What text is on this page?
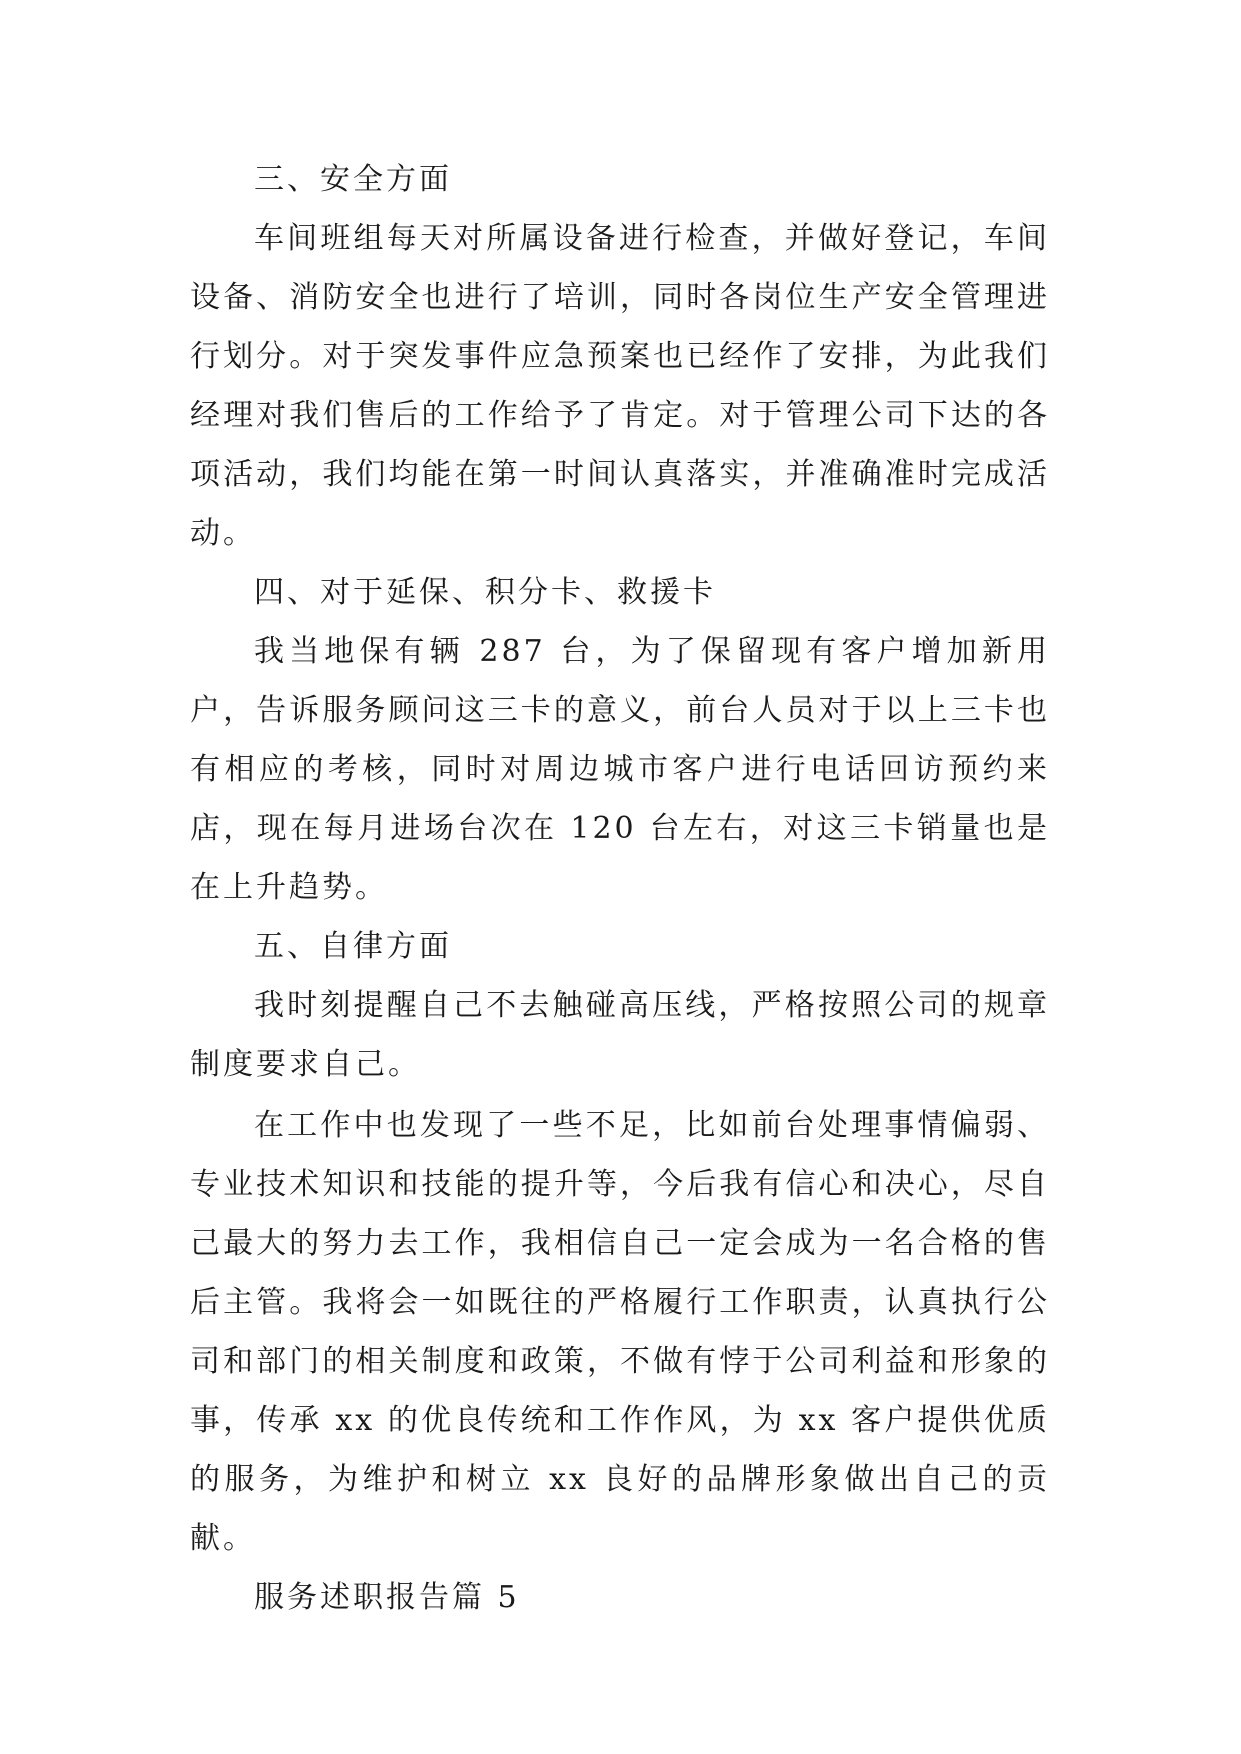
三、安全方面

车间班组每天对所属设备进行检查，并做好登记，车间设备、消防安全也进行了培训，同时各岗位生产安全管理进行划分。对于突发事件应急预案也已经作了安排，为此我们经理对我们售后的工作给予了肯定。对于管理公司下达的各项活动，我们均能在第一时间认真落实，并准确准时完成活动。

四、对于延保、积分卡、救援卡

我当地保有辆 287 台，为了保留现有客户增加新用户，告诉服务顾问这三卡的意义，前台人员对于以上三卡也有相应的考核，同时对周边城市客户进行电话回访预约来店，现在每月进场台次在 120 台左右，对这三卡销量也是在上升趋势。

五、自律方面

我时刻提醒自己不去触碰高压线，严格按照公司的规章制度要求自己。

在工作中也发现了一些不足，比如前台处理事情偏弱、专业技术知识和技能的提升等，今后我有信心和决心，尽自己最大的努力去工作，我相信自己一定会成为一名合格的售后主管。我将会一如既往的严格履行工作职责，认真执行公司和部门的相关制度和政策，不做有悖于公司利益和形象的事，传承 xx 的优良传统和工作作风，为 xx 客户提供优质的服务，为维护和树立 xx 良好的品牌形象做出自己的贡献。

服务述职报告篇 5
